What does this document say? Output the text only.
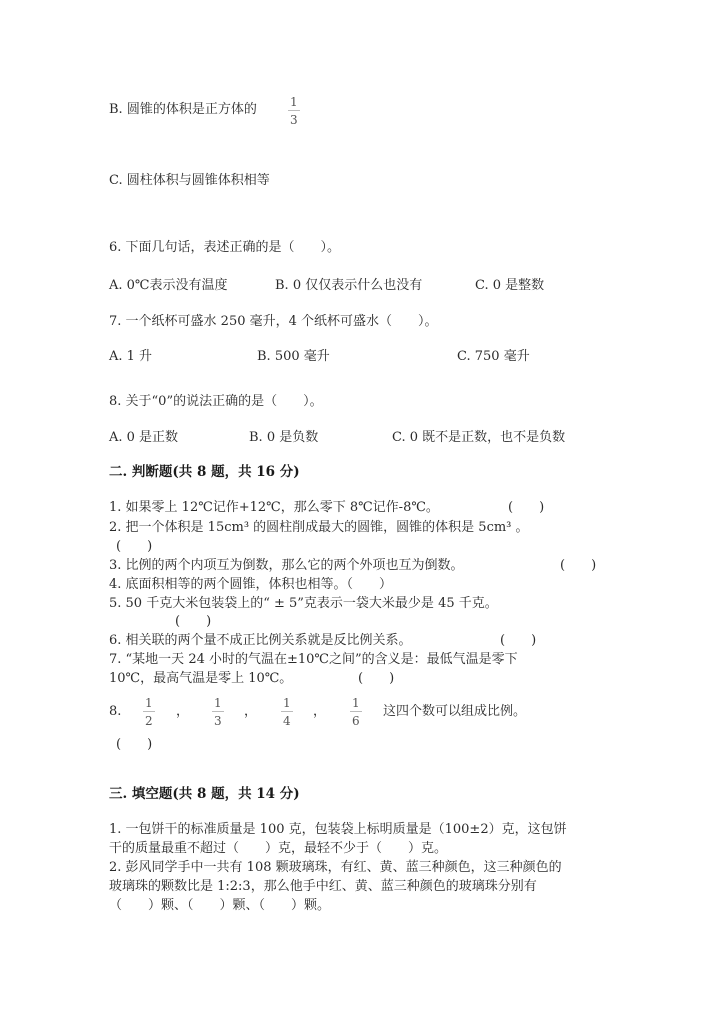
B. 圆锥的体积是正方体的	$\frac{1}{3}$
C. 圆柱体积与圆锥体积相等
6. 下面几句话，表述正确的是（　　）。
A. 0℃表示没有温度	B. 0 仅仅表示什么也没有	C. 0 是整数
7. 一个纸杯可盛水 250 毫升，4 个纸杯可盛水（　　）。
A. 1 升	B. 500 毫升	C. 750 毫升
8. 关于“0”的说法正确的是（　　）。
A. 0 是正数	B. 0 是负数	C. 0 既不是正数，也不是负数
二. 判断题(共 8 题，共 16 分)
1. 如果零上 12℃记作+12℃，那么零下 8℃记作-8℃。	(　　)
2. 把一个体积是 15cm³ 的圆柱削成最大的圆锥，圆锥的体积是 5cm³ 。
(　　)
3. 比例的两个内项互为倒数，那么它的两个外项也互为倒数。	(　　)
4. 底面积相等的两个圆锥，体积也相等。（　　）
5. 50 千克大米包装袋上的“ ± 5”克表示一袋大米最少是 45 千克。
(　　)
6. 相关联的两个量不成正比例关系就是反比例关系。	(　　)
7. “某地一天 24 小时的气温在±10℃之间”的含义是：最低气温是零下
10℃，最高气温是零上 10℃。	(　　)
8. $\frac{1}{2}$ ， $\frac{1}{3}$ ， $\frac{1}{4}$ ， $\frac{1}{6}$ 这四个数可以组成比例。
(　　)
三. 填空题(共 8 题，共 14 分)
1. 一包饼干的标准质量是 100 克，包装袋上标明质量是（100±2）克，这包饼
干的质量最重不超过（　　）克，最轻不少于（　　）克。
2. 彭风同学手中一共有 108 颗玻璃珠，有红、黄、蓝三种颜色，这三种颜色的
玻璃珠的颗数比是 1:2:3，那么他手中红、黄、蓝三种颜色的玻璃珠分别有
（　　）颗、（　　）颗、（　　）颗。
